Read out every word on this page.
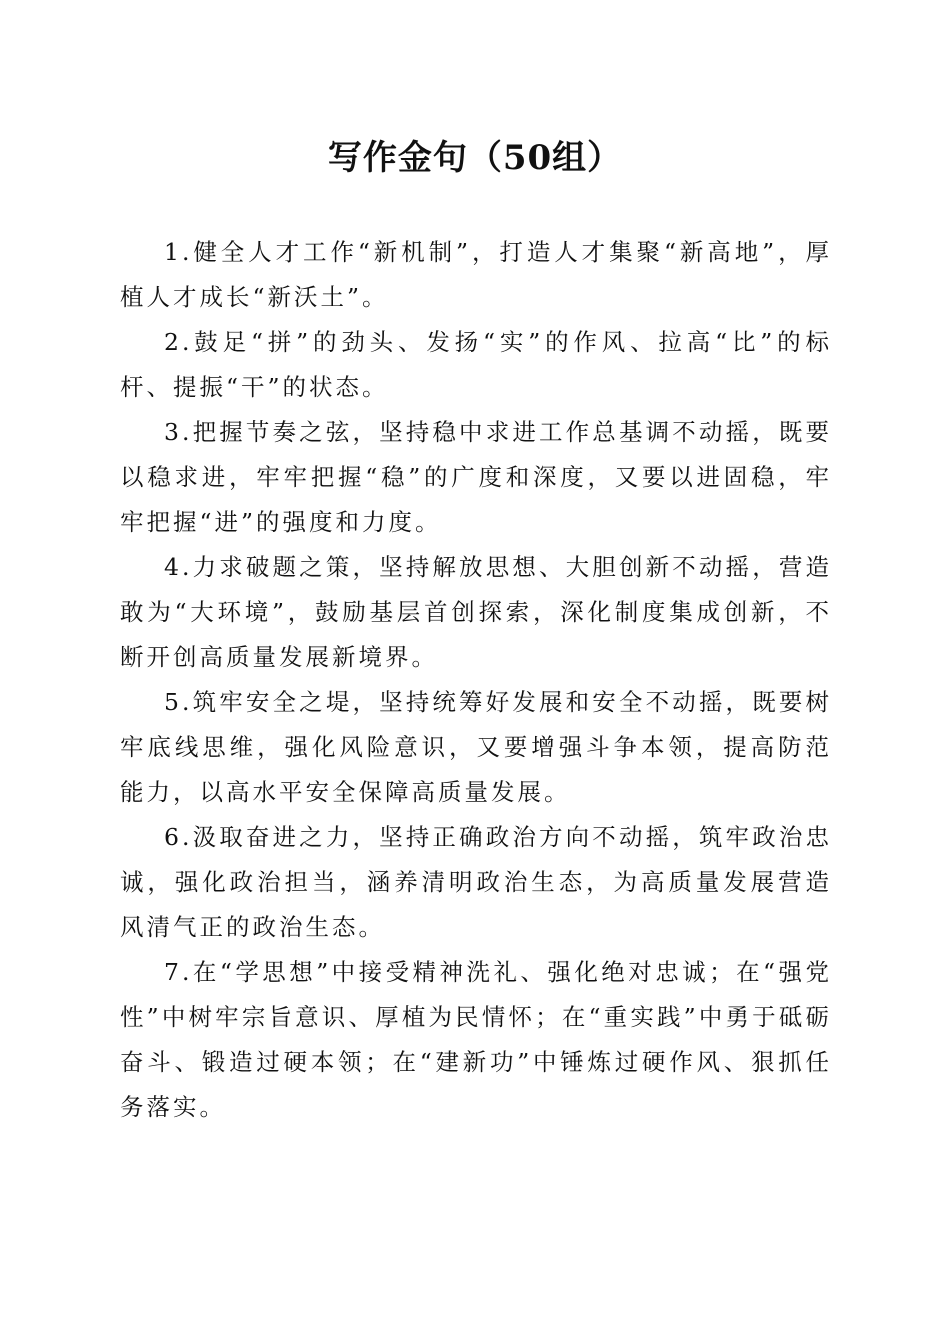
写作金句（50组）

1.健全人才工作“新机制”，打造人才集聚“新高地”，厚植人才成长“新沃土”。

2.鼓足“拼”的劲头、发扬“实”的作风、拉高“比”的标杆、提振“干”的状态。

3.把握节奏之弦，坚持稳中求进工作总基调不动摇，既要以稳求进，牢牢把握“稳”的广度和深度，又要以进固稳，牢牢把握“进”的强度和力度。

4.力求破题之策，坚持解放思想、大胆创新不动摇，营造敢为“大环境”，鼓励基层首创探索，深化制度集成创新，不断开创高质量发展新境界。

5.筑牢安全之堤，坚持统筹好发展和安全不动摇，既要树牢底线思维，强化风险意识，又要增强斗争本领，提高防范能力，以高水平安全保障高质量发展。

6.汲取奋进之力，坚持正确政治方向不动摇，筑牢政治忠诚，强化政治担当，涵养清明政治生态，为高质量发展营造风清气正的政治生态。

7.在“学思想”中接受精神洗礼、强化绝对忠诚；在“强党性”中树牢宗旨意识、厚植为民情怀；在“重实践”中勇于砥砺奋斗、锻造过硬本领；在“建新功”中锤炼过硬作风、狠抓任务落实。
